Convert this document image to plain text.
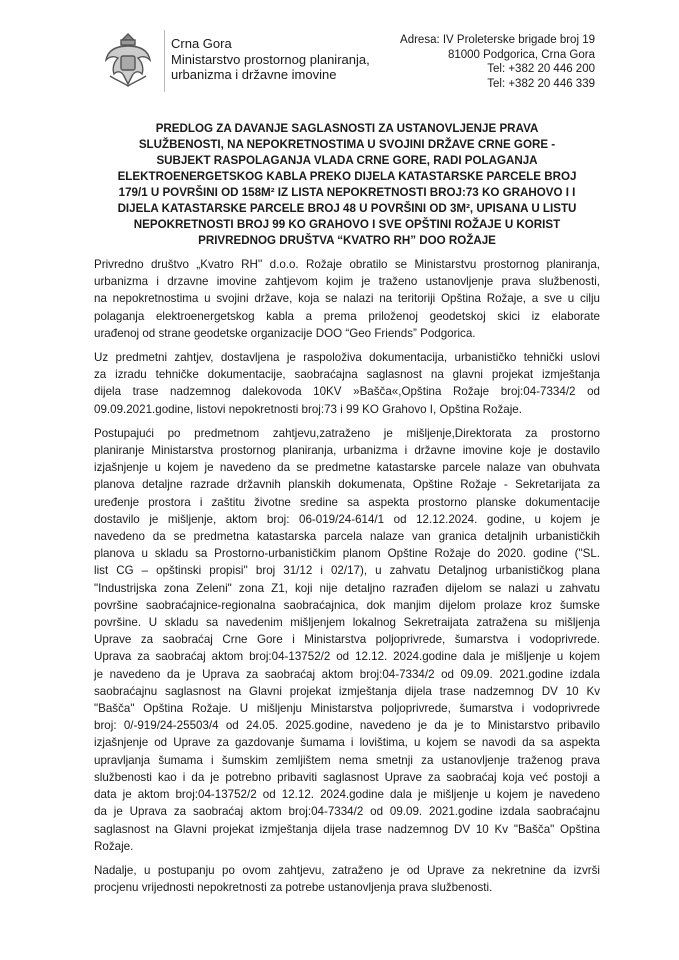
Crna Gora
Ministarstvo prostornog planiranja,
urbanizma i državne imovine
Adresa: IV Proleterske brigade broj 19
81000 Podgorica, Crna Gora
Tel: +382 20 446 200
Tel: +382 20 446 339
PREDLOG ZA DAVANJE SAGLASNOSTI ZA USTANOVLJENJE PRAVA
SLUŽBENOSTI, NA NEPOKRETNOSTIMA U SVOJINI DRŽAVE CRNE GORE -
SUBJEKT RASPOLAGANJA VLADA CRNE GORE, RADI POLAGANJA
ELEKTROENERGETSKOG KABLA PREKO DIJELA KATASTARSKE PARCELE BROJ
179/1 U POVRŠINI OD 158M² IZ LISTA NEPOKRETNOSTI BROJ:73 KO GRAHOVO I I
DIJELA KATASTARSKE PARCELE BROJ 48 U POVRŠINI OD 3M², UPISANA U LISTU
NEPOKRETNOSTI BROJ 99 KO GRAHOVO I SVE OPŠTINI ROŽAJE U KORIST
PRIVREDNOG DRUŠTVA “KVATRO RH” DOO ROŽAJE
Privredno društvo „Kvatro RH'' d.o.o. Rožaje obratilo se Ministarstvu prostornog planiranja,
urbanizma i drzavne imovine zahtjevom kojim je traženo ustanovljenje prava službenosti,
na nepokretnostima u svojini države, koja se nalazi na teritoriji Opština Rožaje, a sve u cilju
polaganja elektroenergetskog kabla a prema priloženoj geodetskoj skici iz elaborate
urađenoj od strane geodetske organizacije DOO “Geo Friends” Podgorica.
Uz predmetni zahtjev, dostavljena je raspoloživa dokumentacija, urbanističko tehnički uslovi
za izradu tehničke dokumentacije, saobraćajna saglasnost na glavni projekat izmještanja
dijela trase nadzemnog dalekovoda 10KV »Bašča«,Opština Rožaje broj:04-7334/2 od
09.09.2021.godine, listovi nepokretnosti broj:73 i 99 KO Grahovo I, Opština Rožaje.
Postupajući po predmetnom zahtjevu,zatraženo je mišljenje,Direktorata za prostorno
planiranje Ministarstva prostornog planiranja, urbanizma i državne imovine koje je dostavilo
izjašnjenje u kojem je navedeno da se predmetne katastarske parcele nalaze van obuhvata
planova detaljne razrade državnih planskih dokumenata, Opštine Rožaje - Sekretarijata za
uređenje prostora i zaštitu životne sredine sa aspekta prostorno planske dokumentacije
dostavilo je mišljenje, aktom broj: 06-019/24-614/1 od 12.12.2024. godine, u kojem je
navedeno da se predmetna katastarska parcela nalaze van granica detaljnih urbanističkih
planova u skladu sa Prostorno-urbanističkim planom Opštine Rožaje do 2020. godine ("SL.
list CG – opštinski propisi'' broj 31/12 i 02/17), u zahvatu Detaljnog urbanističkog plana
"Industrijska zona Zeleni" zona Z1, koji nije detaljno razrađen dijelom se nalazi u zahvatu
površine saobraćajnice-regionalna saobraćajnica, dok manjim dijelom prolaze kroz šumske
površine. U skladu sa navedenim mišljenjem lokalnog Sekretraijata zatražena su mišljenja
Uprave za saobraćaj Crne Gore i Ministarstva poljoprivrede, šumarstva i vodoprivrede.
Uprava za saobraćaj aktom broj:04-13752/2 od 12.12. 2024.godine dala je mišljenje u kojem
je navedeno da je Uprava za saobraćaj aktom broj:04-7334/2 od 09.09. 2021.godine izdala
saobraćajnu saglasnost na Glavni projekat izmještanja dijela trase nadzemnog DV 10 Kv
"Bašča" Opština Rožaje. U mišljenju Ministarstva poljoprivrede, šumarstva i vodoprivrede
broj: 0/-919/24-25503/4 od 24.05. 2025.godine, navedeno je da je to Ministarstvo pribavilo
izjašnjenje od Uprave za gazdovanje šumama i lovištima, u kojem se navodi da sa aspekta
upravljanja šumama i šumskim zemljištem nema smetnji za ustanovljenje traženog prava
službenosti kao i da je potrebno pribaviti saglasnost Uprave za saobraćaj koja već postoji a
data je aktom broj:04-13752/2 od 12.12. 2024.godine dala je mišljenje u kojem je navedeno
da je Uprava za saobraćaj aktom broj:04-7334/2 od 09.09. 2021.godine izdala saobraćajnu
saglasnost na Glavni projekat izmještanja dijela trase nadzemnog DV 10 Kv "Bašča" Opština
Rožaje.
Nadalje, u postupanju po ovom zahtjevu, zatraženo je od Uprave za nekretnine da izvrši
procjenu vrijednosti nepokretnosti za potrebe ustanovljenja prava službenosti.
